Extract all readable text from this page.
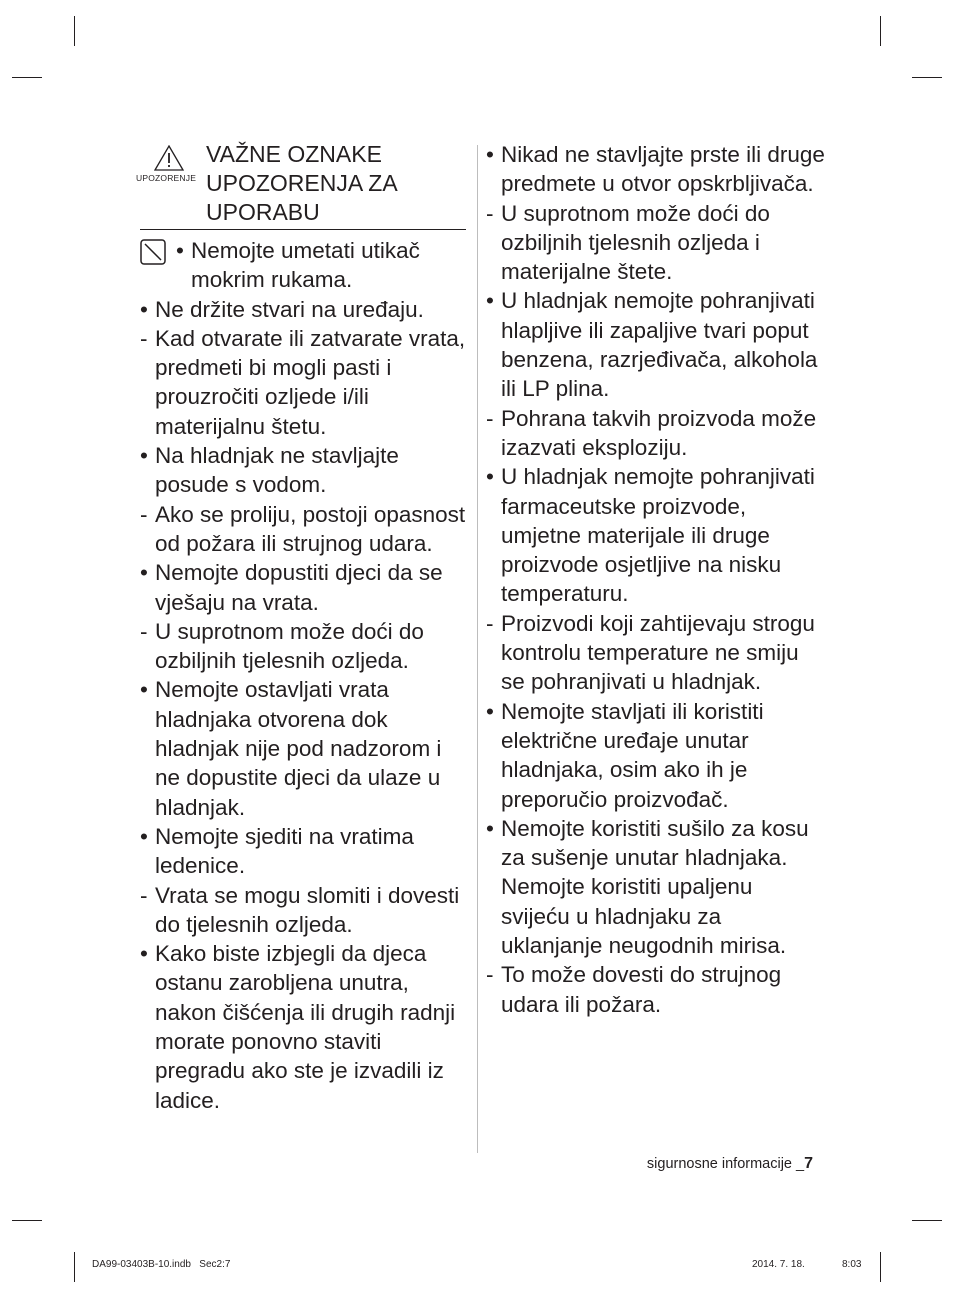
UPOZORENJE
VAŽNE OZNAKE UPOZORENJA ZA UPORABU
• Nemojte umetati utikač mokrim rukama.
• Ne držite stvari na uređaju.
- Kad otvarate ili zatvarate vrata, predmeti bi mogli pasti i prouzročiti ozljede i/ili materijalnu štetu.
• Na hladnjak ne stavljajte posude s vodom.
- Ako se proliju, postoji opasnost od požara ili strujnog udara.
• Nemojte dopustiti djeci da se vješaju na vrata.
- U suprotnom može doći do ozbiljnih tjelesnih ozljeda.
• Nemojte ostavljati vrata hladnjaka otvorena dok hladnjak nije pod nadzorom i ne dopustite djeci da ulaze u hladnjak.
• Nemojte sjediti na vratima ledenice.
- Vrata se mogu slomiti i dovesti do tjelesnih ozljeda.
• Kako biste izbjegli da djeca ostanu zarobljena unutra, nakon čišćenja ili drugih radnji morate ponovno staviti pregradu ako ste je izvadili iz ladice.
• Nikad ne stavljajte prste ili druge predmete u otvor opskrbljivača.
- U suprotnom može doći do ozbiljnih tjelesnih ozljeda i materijalne štete.
• U hladnjak nemojte pohranjivati hlapljive ili zapaljive tvari poput benzena, razrjeđivača, alkohola ili LP plina.
- Pohrana takvih proizvoda može izazvati eksploziju.
• U hladnjak nemojte pohranjivati farmaceutske proizvode, umjetne materijale ili druge proizvode osjetljive na nisku temperaturu.
- Proizvodi koji zahtijevaju strogu kontrolu temperature ne smiju se pohranjivati u hladnjak.
• Nemojte stavljati ili koristiti električne uređaje unutar hladnjaka, osim ako ih je preporučio proizvođač.
• Nemojte koristiti sušilo za kosu za sušenje unutar hladnjaka.
Nemojte koristiti upaljenu svijeću u hladnjaku za uklanjanje neugodnih mirisa.
- To može dovesti do strujnog udara ili požara.
sigurnosne informacije _7
DA99-03403B-10.indb   Sec2:7	2014. 7. 18.	8:03
